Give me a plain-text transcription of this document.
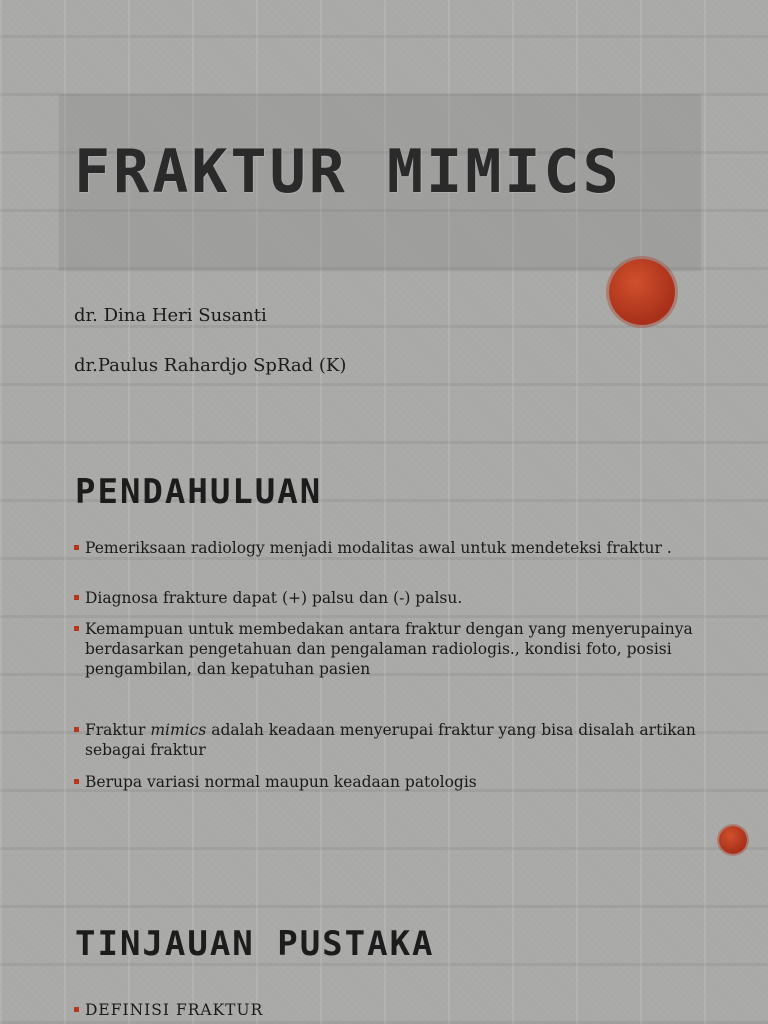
FRAKTUR MIMICS

dr. Dina Heri Susanti

dr.Paulus Rahardjo SpRad (K)

PENDAHULUAN
Pemeriksaan radiology menjadi modalitas awal untuk mendeteksi fraktur .
Diagnosa frakture dapat (+) palsu dan (-) palsu.
Kemampuan untuk membedakan antara fraktur dengan yang menyerupainya berdasarkan pengetahuan dan pengalaman radiologis., kondisi foto, posisi pengambilan, dan kepatuhan pasien
Fraktur mimics adalah keadaan menyerupai fraktur yang bisa disalah artikan sebagai fraktur
Berupa variasi normal maupun keadaan patologis
TINJAUAN PUSTAKA
DEFINISI FRAKTUR
